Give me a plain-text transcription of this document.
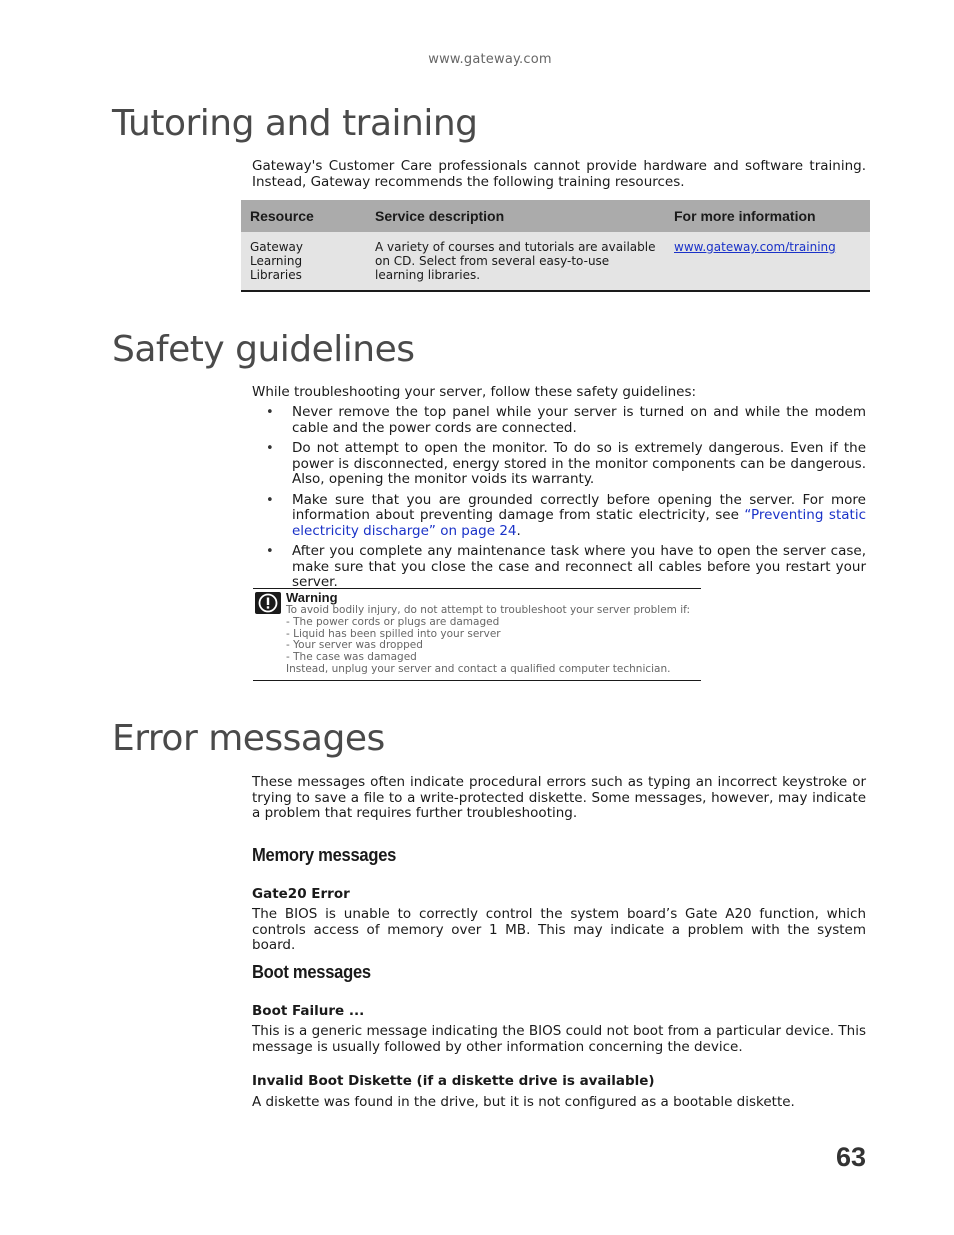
www.gateway.com
Tutoring and training

Gateway's Customer Care professionals cannot provide hardware and software training. Instead, Gateway recommends the following training resources.

Resource	Service description	For more information
Gateway Learning Libraries	A variety of courses and tutorials are available on CD. Select from several easy-to-use learning libraries.	www.gateway.com/training
Safety guidelines

While troubleshooting your server, follow these safety guidelines:

• Never remove the top panel while your server is turned on and while the modem cable and the power cords are connected.
• Do not attempt to open the monitor. To do so is extremely dangerous. Even if the power is disconnected, energy stored in the monitor components can be dangerous. Also, opening the monitor voids its warranty.
• Make sure that you are grounded correctly before opening the server. For more information about preventing damage from static electricity, see “Preventing static electricity discharge” on page 24.
• After you complete any maintenance task where you have to open the server case, make sure that you close the case and reconnect all cables before you restart your server.
Warning
To avoid bodily injury, do not attempt to troubleshoot your server problem if:
- The power cords or plugs are damaged
- Liquid has been spilled into your server
- Your server was dropped
- The case was damaged
Instead, unplug your server and contact a qualified computer technician.
Error messages

These messages often indicate procedural errors such as typing an incorrect keystroke or trying to save a file to a write-protected diskette. Some messages, however, may indicate a problem that requires further troubleshooting.

Memory messages
Gate20 Error

The BIOS is unable to correctly control the system board’s Gate A20 function, which controls access of memory over 1 MB. This may indicate a problem with the system board.

Boot messages
Boot Failure ...

This is a generic message indicating the BIOS could not boot from a particular device. This message is usually followed by other information concerning the device.

Invalid Boot Diskette (if a diskette drive is available)

A diskette was found in the drive, but it is not configured as a bootable diskette.

63
